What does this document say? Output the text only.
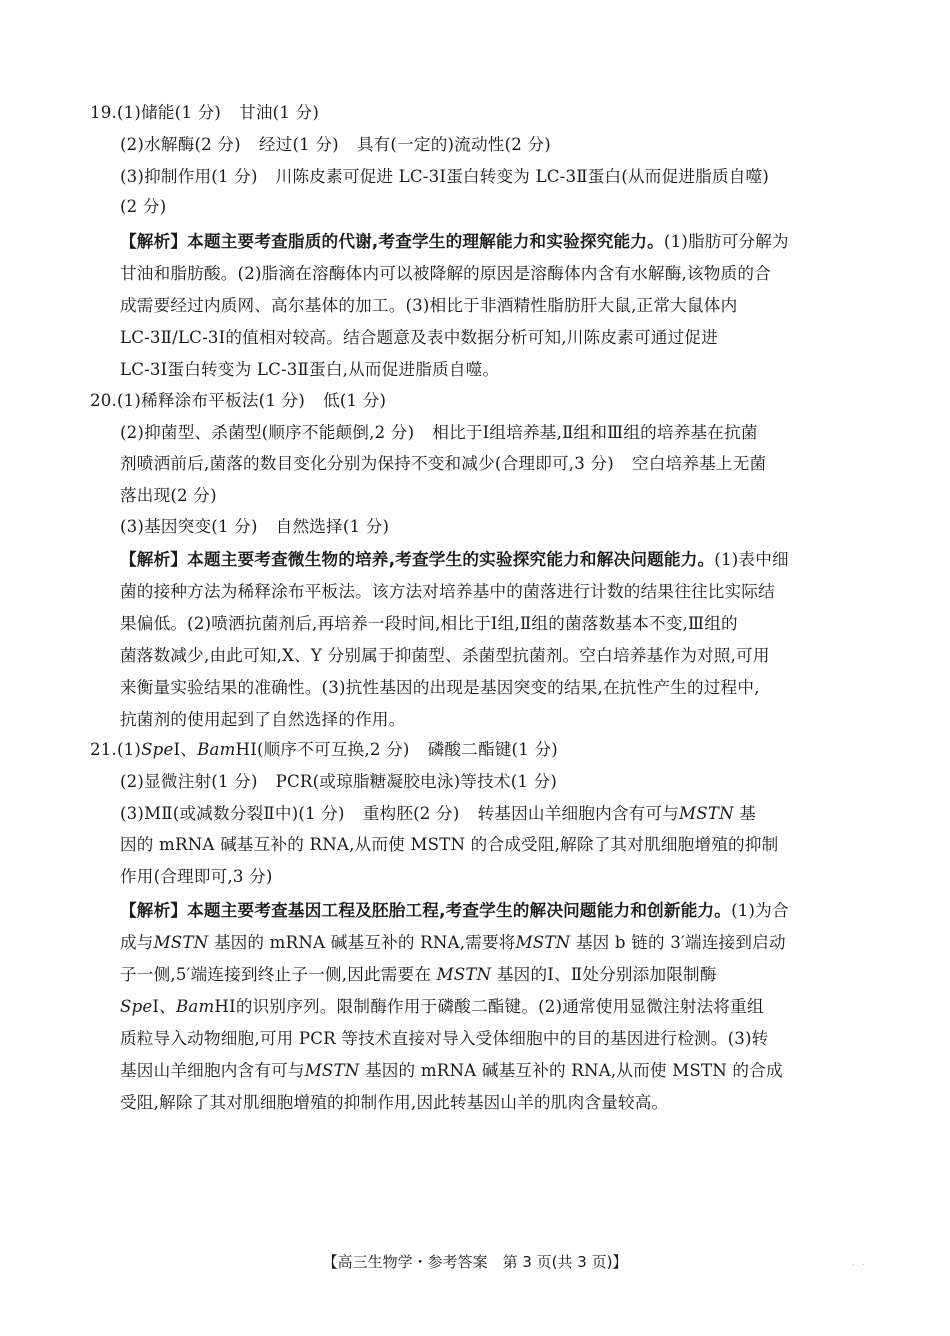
19.(1)储能(1 分) 甘油(1 分)
(2)水解酶(2 分) 经过(1 分) 具有(一定的)流动性(2 分)
(3)抑制作用(1 分) 川陈皮素可促进 LC-3Ⅰ蛋白转变为 LC-3Ⅱ蛋白(从而促进脂质自噬)
(2 分)
【解析】本题主要考查脂质的代谢,考查学生的理解能力和实验探究能力。(1)脂肪可分解为
甘油和脂肪酸。(2)脂滴在溶酶体内可以被降解的原因是溶酶体内含有水解酶,该物质的合
成需要经过内质网、高尔基体的加工。(3)相比于非酒精性脂肪肝大鼠,正常大鼠体内
LC-3Ⅱ/LC-3Ⅰ的值相对较高。结合题意及表中数据分析可知,川陈皮素可通过促进
LC-3Ⅰ蛋白转变为 LC-3Ⅱ蛋白,从而促进脂质自噬。
20.(1)稀释涂布平板法(1 分) 低(1 分)
(2)抑菌型、杀菌型(顺序不能颠倒,2 分) 相比于Ⅰ组培养基,Ⅱ组和Ⅲ组的培养基在抗菌
剂喷洒前后,菌落的数目变化分别为保持不变和减少(合理即可,3 分) 空白培养基上无菌
落出现(2 分)
(3)基因突变(1 分) 自然选择(1 分)
【解析】本题主要考查微生物的培养,考查学生的实验探究能力和解决问题能力。(1)表中细
菌的接种方法为稀释涂布平板法。该方法对培养基中的菌落进行计数的结果往往比实际结
果偏低。(2)喷洒抗菌剂后,再培养一段时间,相比于Ⅰ组,Ⅱ组的菌落数基本不变,Ⅲ组的
菌落数减少,由此可知,X、Y 分别属于抑菌型、杀菌型抗菌剂。空白培养基作为对照,可用
来衡量实验结果的准确性。(3)抗性基因的出现是基因突变的结果,在抗性产生的过程中,
抗菌剂的使用起到了自然选择的作用。
21.(1)SpeⅠ、BamHⅠ(顺序不可互换,2 分) 磷酸二酯键(1 分)
(2)显微注射(1 分) PCR(或琼脂糖凝胶电泳)等技术(1 分)
(3)MⅡ(或减数分裂Ⅱ中)(1 分) 重构胚(2 分) 转基因山羊细胞内含有可与MSTN 基
因的 mRNA 碱基互补的 RNA,从而使 MSTN 的合成受阻,解除了其对肌细胞增殖的抑制
作用(合理即可,3 分)
【解析】本题主要考查基因工程及胚胎工程,考查学生的解决问题能力和创新能力。(1)为合
成与MSTN 基因的 mRNA 碱基互补的 RNA,需要将MSTN 基因 b 链的 3′端连接到启动
子一侧,5′端连接到终止子一侧,因此需要在 MSTN 基因的Ⅰ、Ⅱ处分别添加限制酶
SpeⅠ、BamHⅠ的识别序列。限制酶作用于磷酸二酯键。(2)通常使用显微注射法将重组
质粒导入动物细胞,可用 PCR 等技术直接对导入受体细胞中的目的基因进行检测。(3)转
基因山羊细胞内含有可与MSTN 基因的 mRNA 碱基互补的 RNA,从而使 MSTN 的合成
受阻,解除了其对肌细胞增殖的抑制作用,因此转基因山羊的肌肉含量较高。
【高三生物学・参考答案　第 3 页(共 3 页)】	. .
